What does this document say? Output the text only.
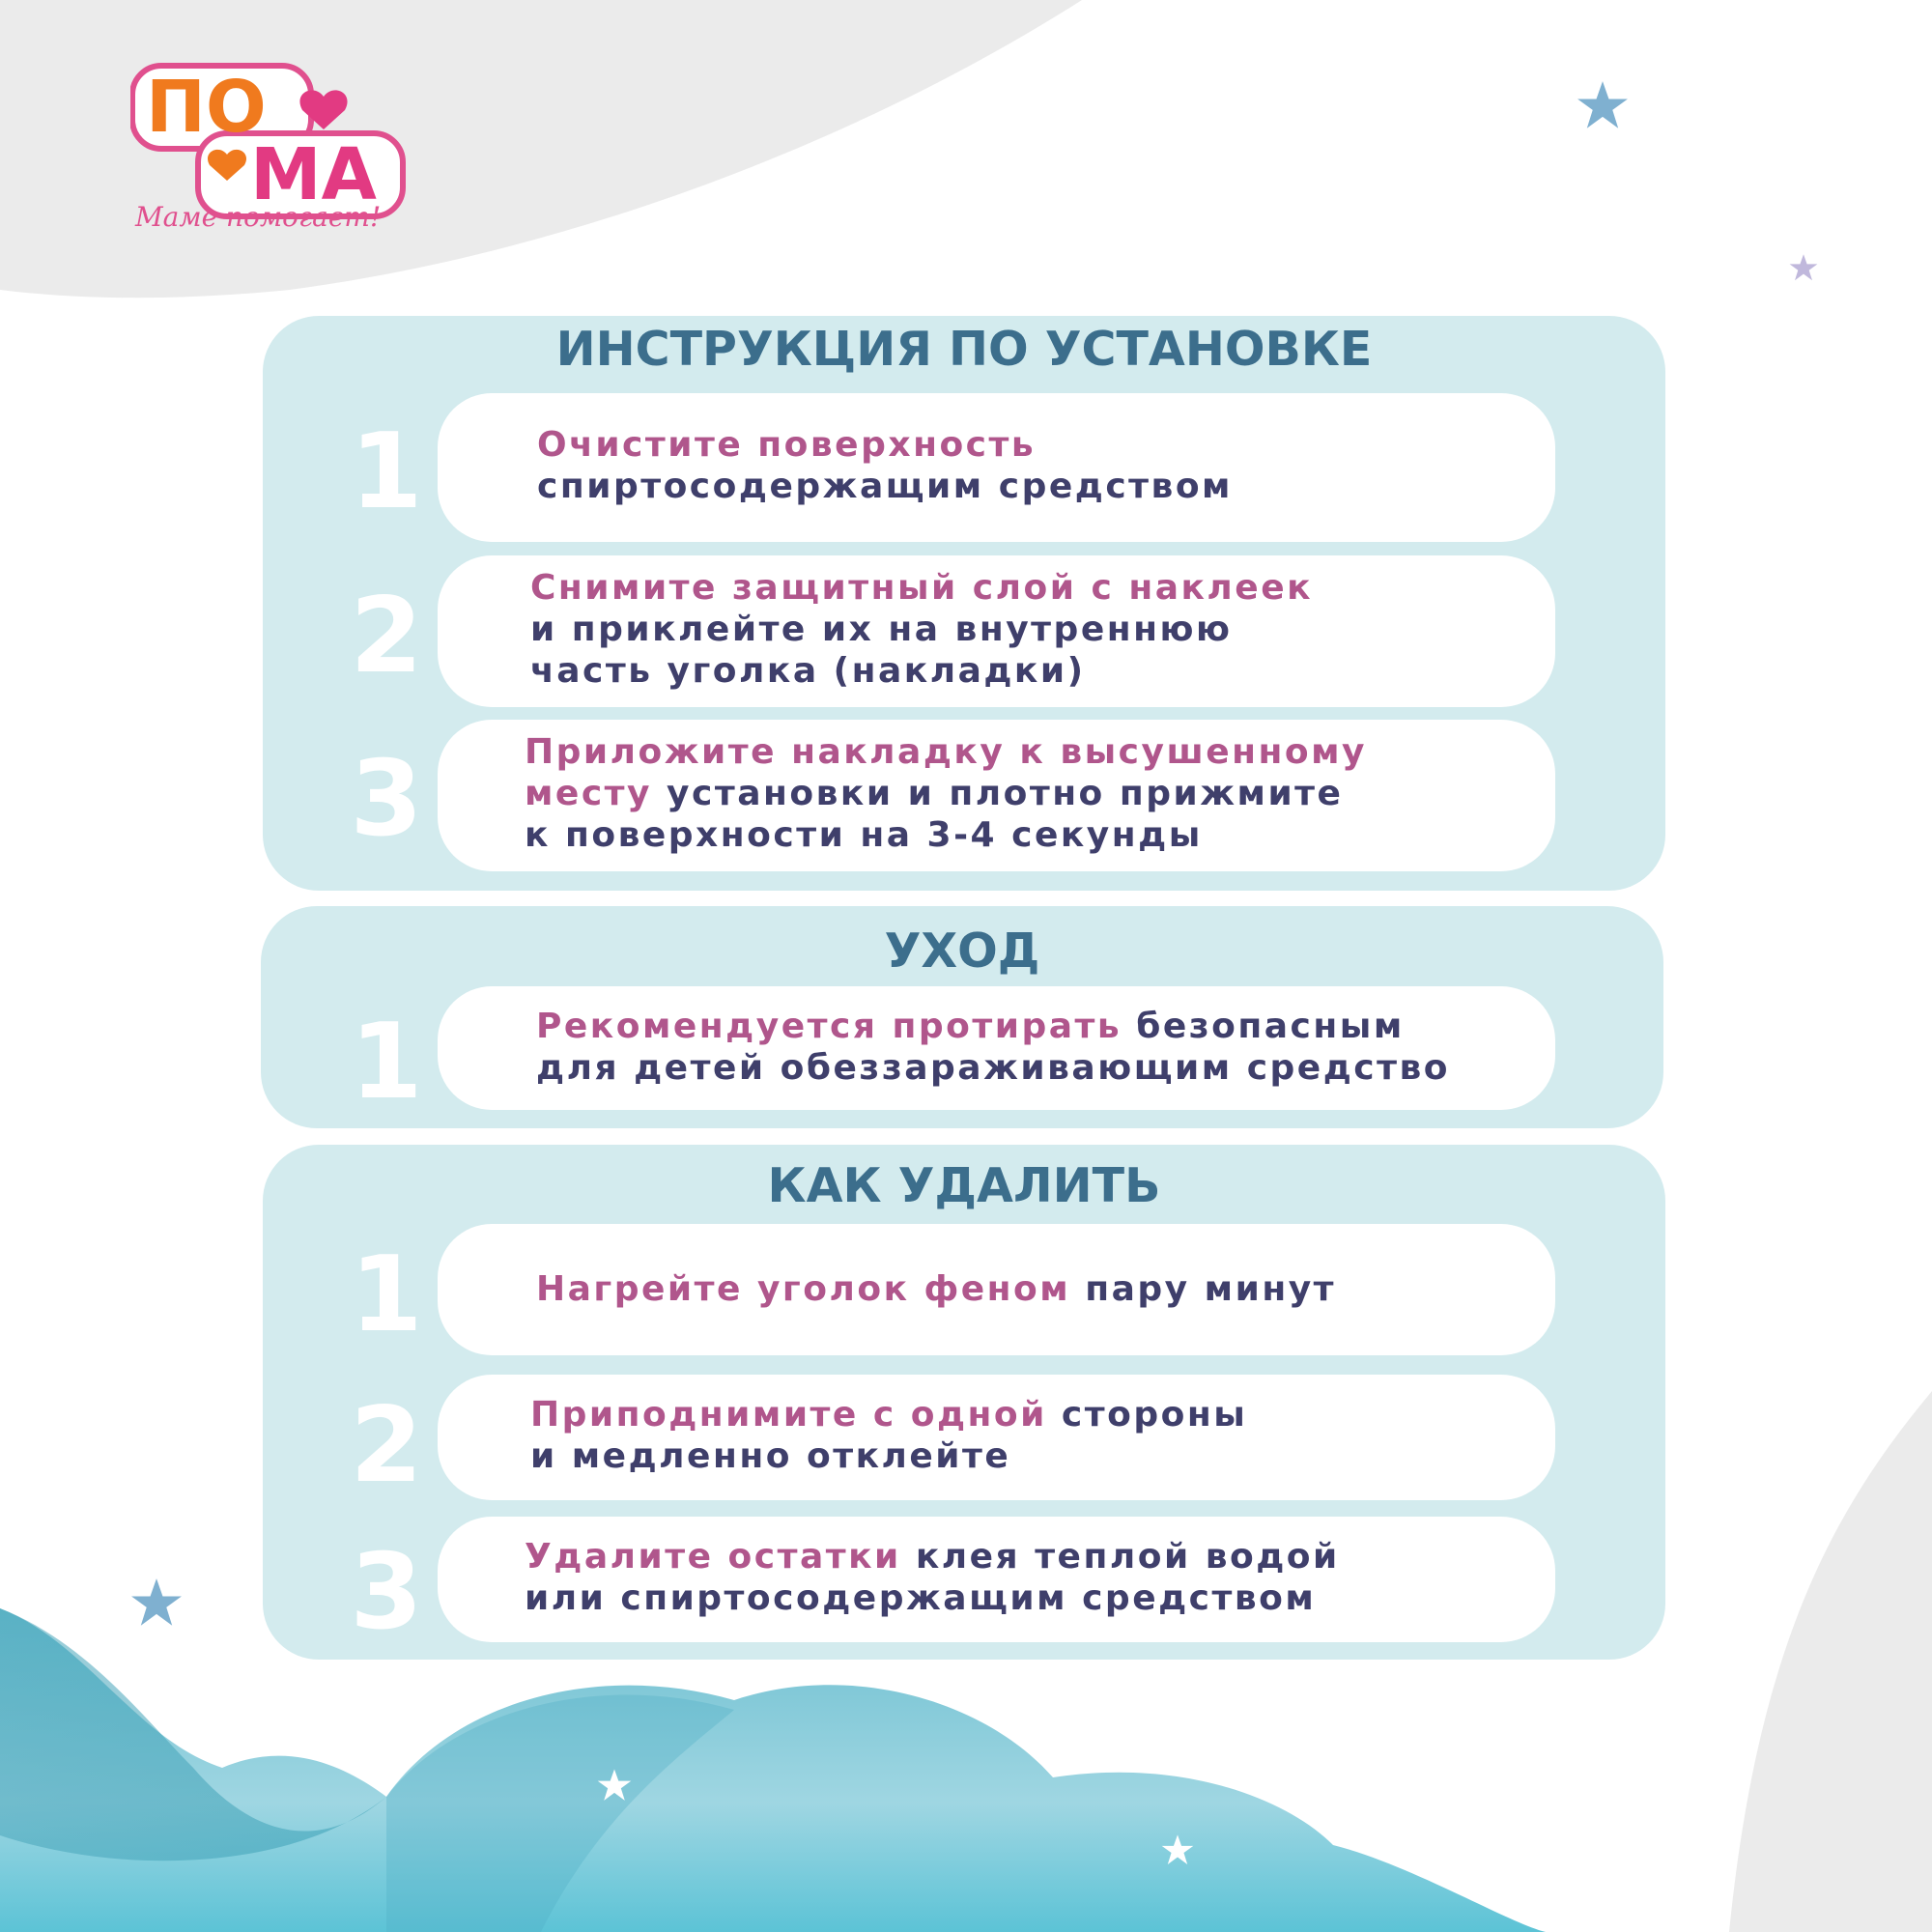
ПО
МА
Маме помогает!
ИНСТРУКЦИЯ ПО УСТАНОВКЕ
1	Очистите поверхность
спиртосодержащим средством
2	Снимите защитный слой с наклеек
и приклейте их на внутреннюю
часть уголка (накладки)
3	Приложите накладку к высушенному
месту установки и плотно прижмите
к поверхности на 3-4 секунды
УХОД
1	Рекомендуется протирать безопасным
для детей обеззараживающим средство
КАК УДАЛИТЬ
1	Нагрейте уголок феном пару минут
2	Приподнимите с одной стороны
и медленно отклейте
3	Удалите остатки клея теплой водой
или спиртосодержащим средством
